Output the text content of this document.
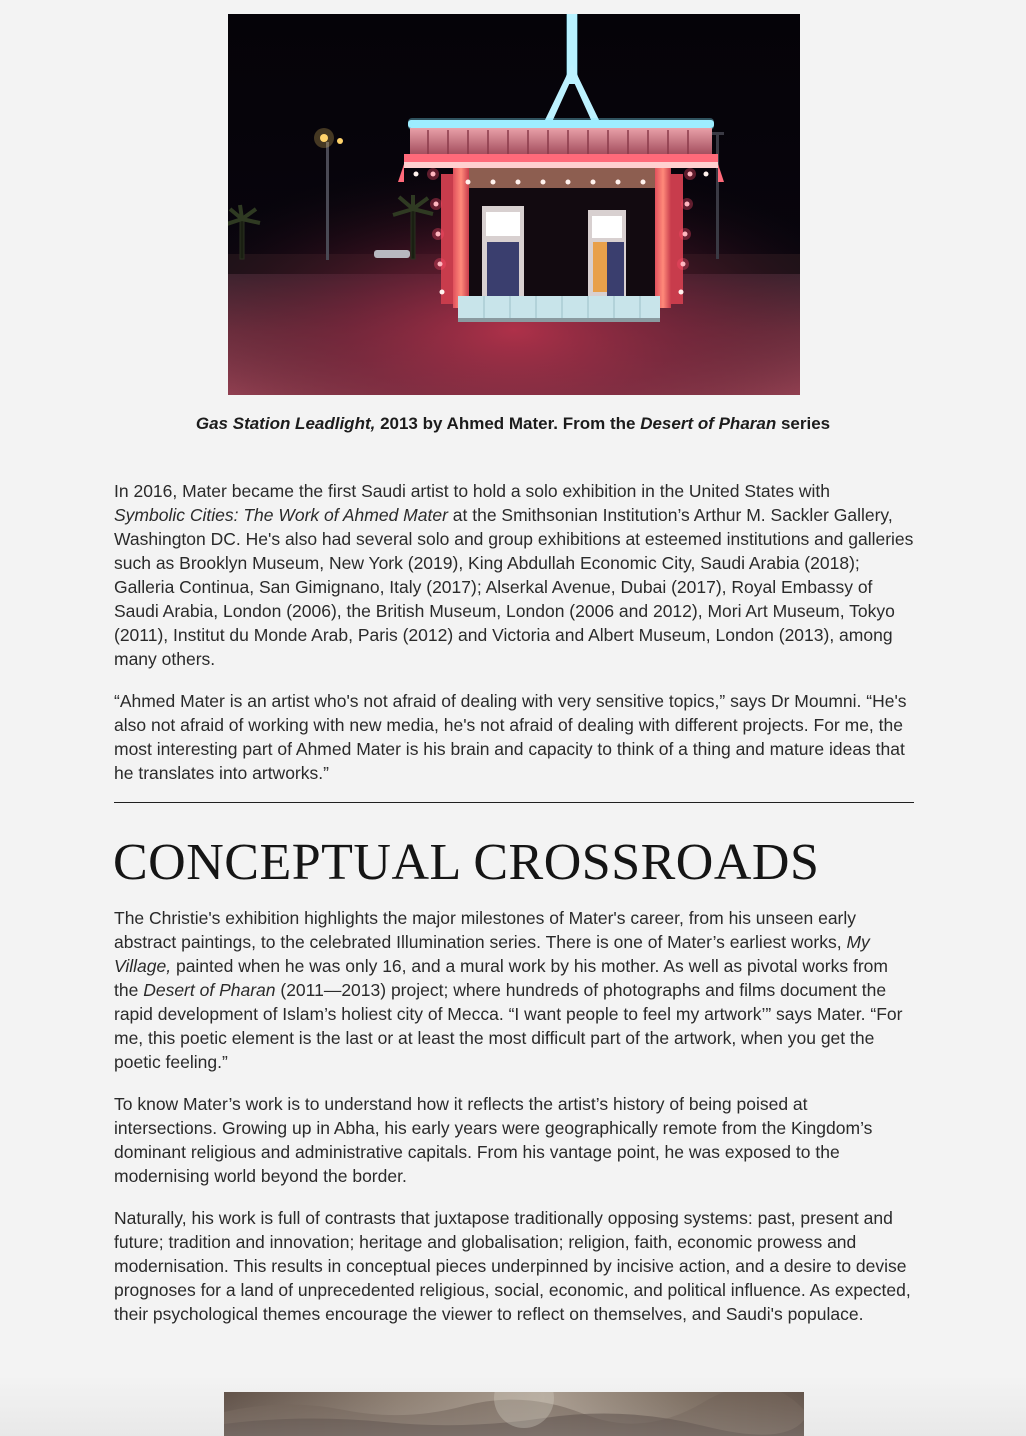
Gas Station Leadlight, 2013 by Ahmed Mater. From the Desert of Pharan series

In 2016, Mater became the first Saudi artist to hold a solo exhibition in the United States with
Symbolic Cities: The Work of Ahmed Mater at the Smithsonian Institution’s Arthur M. Sackler Gallery, Washington DC. He's also had several solo and group exhibitions at esteemed institutions and galleries such as Brooklyn Museum, New York (2019), King Abdullah Economic City, Saudi Arabia (2018); Galleria Continua, San Gimignano, Italy (2017); Alserkal Avenue, Dubai (2017), Royal Embassy of Saudi Arabia, London (2006), the British Museum, London (2006 and 2012), Mori Art Museum, Tokyo (2011), Institut du Monde Arab, Paris (2012) and Victoria and Albert Museum, London (2013), among many others.

“Ahmed Mater is an artist who's not afraid of dealing with very sensitive topics,” says Dr Moumni. “He's also not afraid of working with new media, he's not afraid of dealing with different projects. For me, the most interesting part of Ahmed Mater is his brain and capacity to think of a thing and mature ideas that he translates into artworks.”

CONCEPTUAL CROSSROADS

The Christie's exhibition highlights the major milestones of Mater's career, from his unseen early abstract paintings, to the celebrated Illumination series. There is one of Mater’s earliest works, My Village, painted when he was only 16, and a mural work by his mother. As well as pivotal works from the Desert of Pharan (2011—2013) project; where hundreds of photographs and films document the rapid development of Islam’s holiest city of Mecca. “I want people to feel my artwork’” says Mater. “For me, this poetic element is the last or at least the most difficult part of the artwork, when you get the poetic feeling.”

To know Mater’s work is to understand how it reflects the artist’s history of being poised at intersections. Growing up in Abha, his early years were geographically remote from the Kingdom’s dominant religious and administrative capitals. From his vantage point, he was exposed to the modernising world beyond the border.

Naturally, his work is full of contrasts that juxtapose traditionally opposing systems: past, present and future; tradition and innovation; heritage and globalisation; religion, faith, economic prowess and modernisation. This results in conceptual pieces underpinned by incisive action, and a desire to devise prognoses for a land of unprecedented religious, social, economic, and political influence. As expected, their psychological themes encourage the viewer to reflect on themselves, and Saudi's populace.
